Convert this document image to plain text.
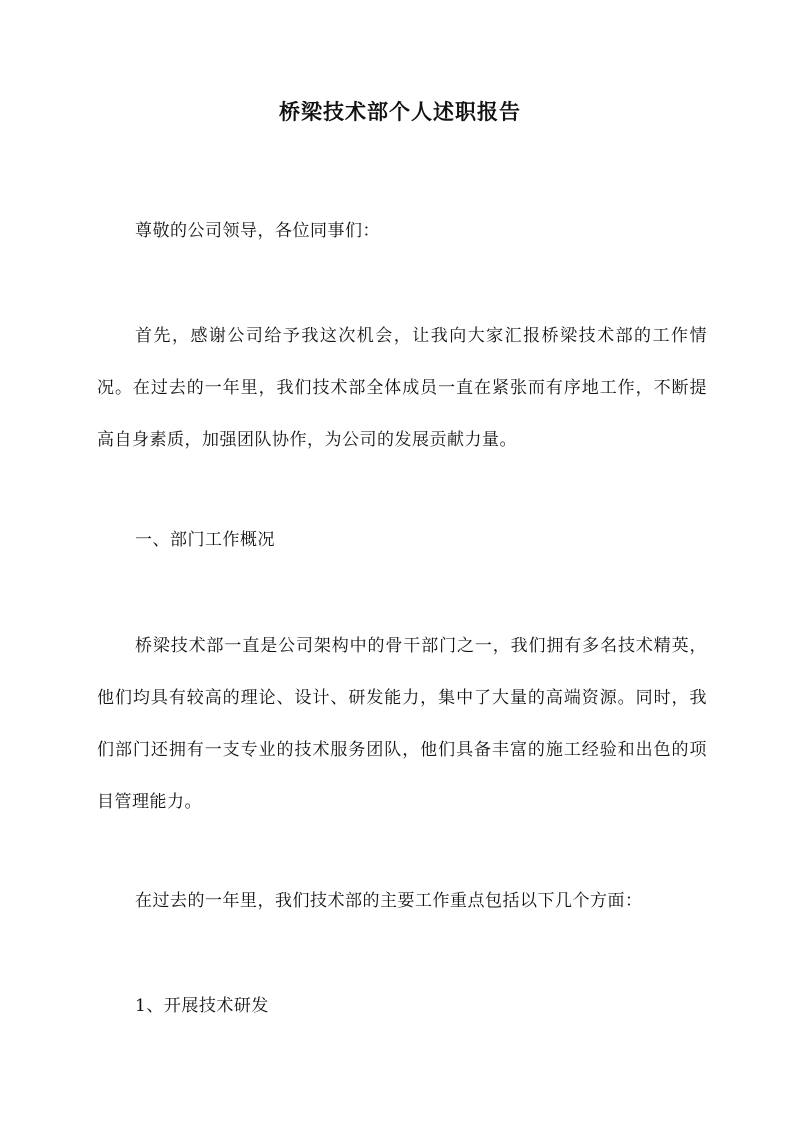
桥梁技术部个人述职报告

尊敬的公司领导，各位同事们：

首先，感谢公司给予我这次机会，让我向大家汇报桥梁技术部的工作情况。在过去的一年里，我们技术部全体成员一直在紧张而有序地工作，不断提高自身素质，加强团队协作，为公司的发展贡献力量。

一、部门工作概况

桥梁技术部一直是公司架构中的骨干部门之一，我们拥有多名技术精英，他们均具有较高的理论、设计、研发能力，集中了大量的高端资源。同时，我们部门还拥有一支专业的技术服务团队，他们具备丰富的施工经验和出色的项目管理能力。

在过去的一年里，我们技术部的主要工作重点包括以下几个方面：

1、开展技术研发
